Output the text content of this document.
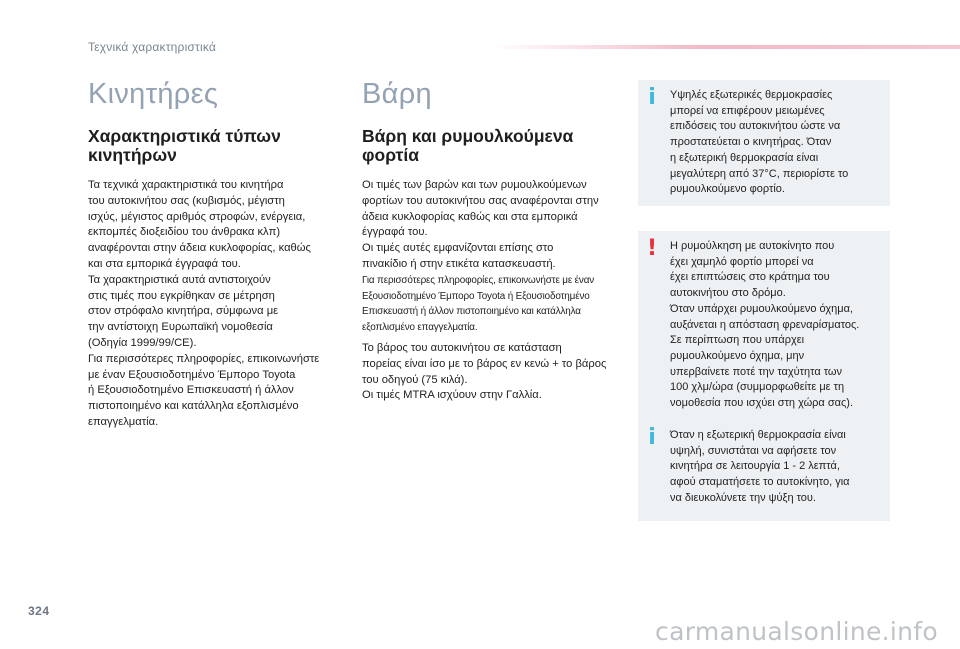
Τεχνικά χαρακτηριστικά
Κινητήρες
Χαρακτηριστικά τύπων κινητήρων
Τα τεχνικά χαρακτηριστικά του κινητήρα
του αυτοκινήτου σας (κυβισμός, μέγιστη
ισχύς, μέγιστος αριθμός στροφών, ενέργεια,
εκπομπές διοξειδίου του άνθρακα κλπ)
αναφέρονται στην άδεια κυκλοφορίας, καθώς
και στα εμπορικά έγγραφά του.
Τα χαρακτηριστικά αυτά αντιστοιχούν
στις τιμές που εγκρίθηκαν σε μέτρηση
στον στρόφαλο κινητήρα, σύμφωνα με
την αντίστοιχη Ευρωπαϊκή νομοθεσία
(Οδηγία 1999/99/CE).
Για περισσότερες πληροφορίες, επικοινωνήστε
με έναν Εξουσιοδοτημένο Έμπορο Toyota
ή Εξουσιοδοτημένο Επισκευαστή ή άλλον
πιστοποιημένο και κατάλληλα εξοπλισμένο
επαγγελματία.
Βάρη
Βάρη και ρυμουλκούμενα φορτία
Οι τιμές των βαρών και των ρυμουλκούμενων
φορτίων του αυτοκινήτου σας αναφέρονται στην
άδεια κυκλοφορίας καθώς και στα εμπορικά
έγγραφά του.
Οι τιμές αυτές εμφανίζονται επίσης στο
πινακίδιο ή στην ετικέτα κατασκευαστή.
Για περισσότερες πληροφορίες, επικοινωνήστε με έναν
Εξουσιοδοτημένο Έμπορο Toyota ή Εξουσιοδοτημένο
Επισκευαστή ή άλλον πιστοποιημένο και κατάλληλα
εξοπλισμένο επαγγελματία.
Το βάρος του αυτοκινήτου σε κατάσταση
πορείας είναι ίσο με το βάρος εν κενώ + το βάρος
του οδηγού (75 κιλά).
Οι τιμές MTRA ισχύουν στην Γαλλία.
i Υψηλές εξωτερικές θερμοκρασίες
μπορεί να επιφέρουν μειωμένες
επιδόσεις του αυτοκινήτου ώστε να
προστατεύεται ο κινητήρας. Όταν
η εξωτερική θερμοκρασία είναι
μεγαλύτερη από 37°C, περιορίστε το
ρυμουλκούμενο φορτίο.
! Η ρυμούλκηση με αυτοκίνητο που
έχει χαμηλό φορτίο μπορεί να
έχει επιπτώσεις στο κράτημα του
αυτοκινήτου στο δρόμο.
Όταν υπάρχει ρυμουλκούμενο όχημα,
αυξάνεται η απόσταση φρεναρίσματος.
Σε περίπτωση που υπάρχει
ρυμουλκούμενο όχημα, μην
υπερβαίνετε ποτέ την ταχύτητα των
100 χλμ/ώρα (συμμορφωθείτε με τη
νομοθεσία που ισχύει στη χώρα σας).
i Όταν η εξωτερική θερμοκρασία είναι
υψηλή, συνιστάται να αφήσετε τον
κινητήρα σε λειτουργία 1 - 2 λεπτά,
αφού σταματήσετε το αυτοκίνητο, για
να διευκολύνετε την ψύξη του.
324
carmanualsonline.info
